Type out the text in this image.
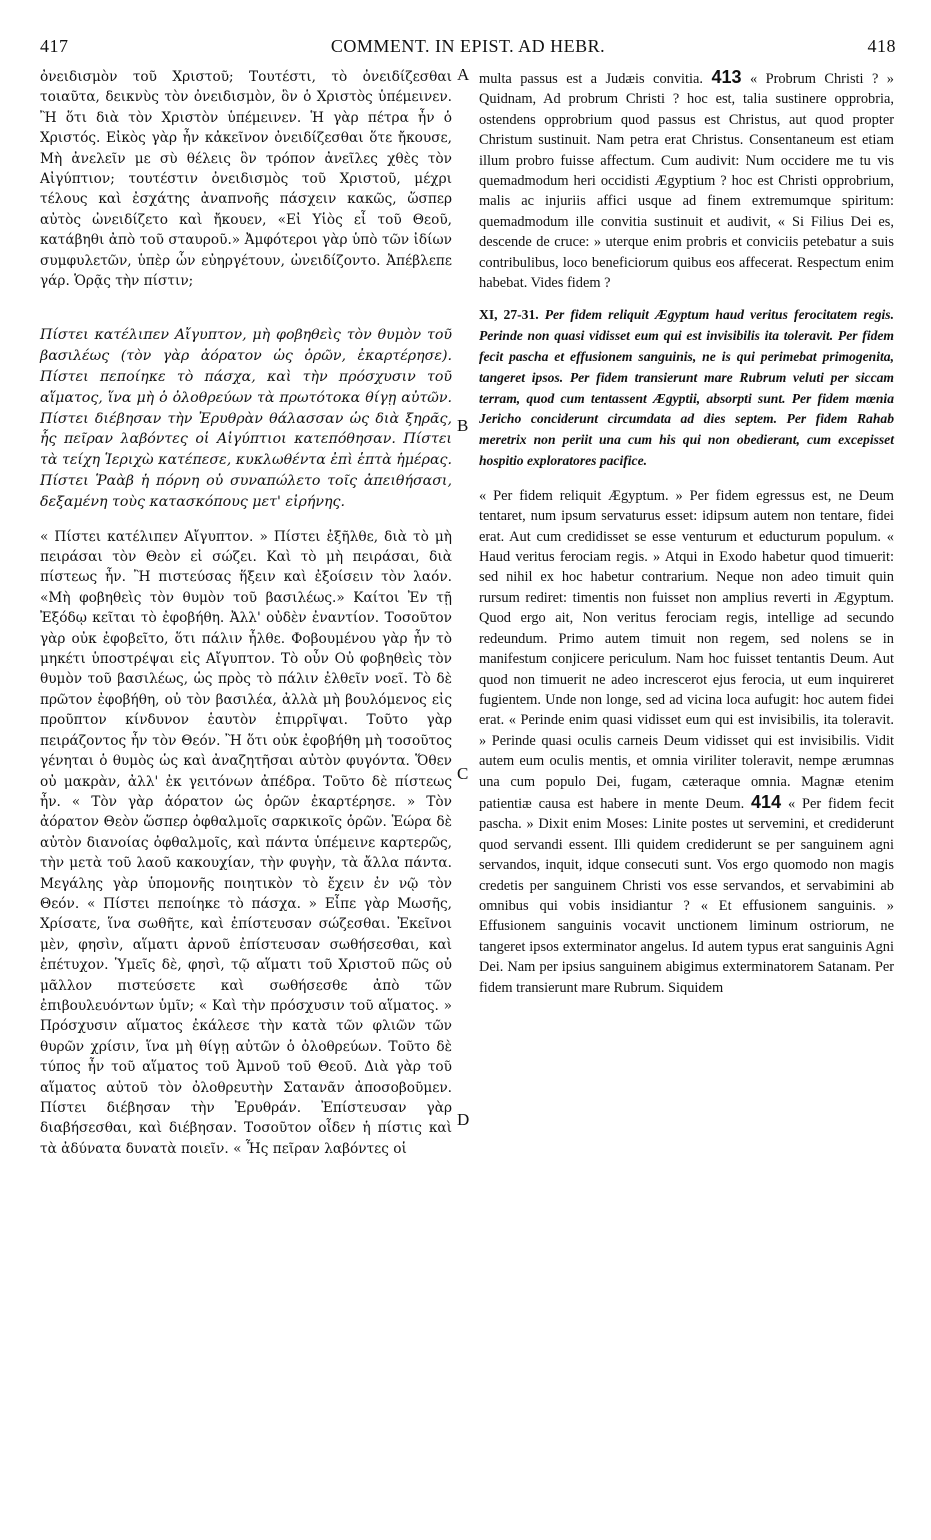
417	COMMENT. IN EPIST. AD HEBR.	418

ὀνειδισμὸν τοῦ Χριστοῦ; Τουτέστι, τὸ ὀνειδίζεσθαι τοιαῦτα, δεικνὺς τὸν ὀνειδισμὸν, ὃν ὁ Χριστὸς ὑπέμεινεν. Ἢ ὅτι διὰ τὸν Χριστὸν ὑπέμεινεν. Ἡ γὰρ πέτρα ἦν ὁ Χριστός. Εἰκὸς γὰρ ἦν κἀκεῖνον ὀνειδίζεσθαι ὅτε ἤκουσε, Μὴ ἀνελεῖν με σὺ θέλεις ὃν τρόπον ἀνεῖλες χθὲς τὸν Αἰγύπτιον; τουτέστιν ὀνειδισμὸς τοῦ Χριστοῦ, μέχρι τέλους καὶ ἐσχάτης ἀναπνοῆς πάσχειν κακῶς, ὥσπερ αὐτὸς ὠνειδίζετο καὶ ἤκουεν, «Εἰ Υἱὸς εἶ τοῦ Θεοῦ, κατάβηθι ἀπὸ τοῦ σταυροῦ.» Ἀμφότεροι γὰρ ὑπὸ τῶν ἰδίων συμφυλετῶν, ὑπὲρ ὧν εὐηργέτουν, ὠνειδίζοντο. Ἀπέβλεπε γάρ. Ὁρᾷς τὴν πίστιν;

Πίστει κατέλιπεν Αἴγυπτον, μὴ φοβηθεὶς τὸν θυμὸν τοῦ βασιλέως (τὸν γὰρ ἀόρατον ὡς ὁρῶν, ἐκαρτέρησε). Πίστει πεποίηκε τὸ πάσχα, καὶ τὴν πρόσχυσιν τοῦ αἵματος, ἵνα μὴ ὁ ὀλοθρεύων τὰ πρωτότοκα θίγῃ αὐτῶν. Πίστει διέβησαν τὴν Ἐρυθρὰν θάλασσαν ὡς διὰ ξηρᾶς, ἧς πεῖραν λαβόντες οἱ Αἰγύπτιοι κατεπόθησαν. Πίστει τὰ τείχη Ἱεριχὼ κατέπεσε, κυκλωθέντα ἐπὶ ἑπτὰ ἡμέρας. Πίστει Ῥαὰβ ἡ πόρνη οὐ συναπώλετο τοῖς ἀπειθήσασι, δεξαμένη τοὺς κατασκόπους μετ' εἰρήνης.

« Πίστει κατέλιπεν Αἴγυπτον. » Πίστει ἐξῆλθε, διὰ τὸ μὴ πειράσαι τὸν Θεὸν εἰ σώζει. Καὶ τὸ μὴ πειράσαι, διὰ πίστεως ἦν. Ἢ πιστεύσας ἥξειν καὶ ἐξοίσειν τὸν λαόν. «Μὴ φοβηθεὶς τὸν θυμὸν τοῦ βασιλέως.» Καίτοι Ἐν τῇ Ἐξόδῳ κεῖται τὸ ἐφοβήθη. Ἀλλ' οὐδὲν ἐναντίον. Τοσοῦτον γὰρ οὐκ ἐφοβεῖτο, ὅτι πάλιν ἦλθε. Φοβουμένου γὰρ ἦν τὸ μηκέτι ὑποστρέψαι εἰς Αἴγυπτον. Τὸ οὖν Οὐ φοβηθεὶς τὸν θυμὸν τοῦ βασιλέως, ὡς πρὸς τὸ πάλιν ἐλθεῖν νοεῖ. Τὸ δὲ πρῶτον ἐφοβήθη, οὐ τὸν βασιλέα, ἀλλὰ μὴ βουλόμενος εἰς προῦπτον κίνδυνον ἑαυτὸν ἐπιρρῖψαι. Τοῦτο γὰρ πειράζοντος ἦν τὸν Θεόν. Ἢ ὅτι οὐκ ἐφοβήθη μὴ τοσοῦτος γένηται ὁ θυμὸς ὡς καὶ ἀναζητῆσαι αὐτὸν φυγόντα. Ὅθεν οὐ μακρὰν, ἀλλ' ἐκ γειτόνων ἀπέδρα. Τοῦτο δὲ πίστεως ἦν. « Τὸν γὰρ ἀόρατον ὡς ὁρῶν ἐκαρτέρησε. » Τὸν ἀόρατον Θεὸν ὥσπερ ὀφθαλμοῖς σαρκικοῖς ὁρῶν. Ἑώρα δὲ αὐτὸν διανοίας ὀφθαλμοῖς, καὶ πάντα ὑπέμεινε καρτερῶς, τὴν μετὰ τοῦ λαοῦ κακουχίαν, τὴν φυγὴν, τὰ ἄλλα πάντα. Μεγάλης γὰρ ὑπομονῆς ποιητικὸν τὸ ἔχειν ἐν νῷ τὸν Θεόν. « Πίστει πεποίηκε τὸ πάσχα. » Εἶπε γὰρ Μωσῆς, Χρίσατε, ἵνα σωθῆτε, καὶ ἐπίστευσαν σώζεσθαι. Ἐκεῖνοι μὲν, φησὶν, αἵματι ἀρνοῦ ἐπίστευσαν σωθήσεσθαι, καὶ ἐπέτυχον. Ὑμεῖς δὲ, φησὶ, τῷ αἵματι τοῦ Χριστοῦ πῶς οὐ μᾶλλον πιστεύσετε καὶ σωθήσεσθε ἀπὸ τῶν ἐπιβουλευόντων ὑμῖν; « Καὶ τὴν πρόσχυσιν τοῦ αἵματος. » Πρόσχυσιν αἵματος ἐκάλεσε τὴν κατὰ τῶν φλιῶν τῶν θυρῶν χρίσιν, ἵνα μὴ θίγῃ αὐτῶν ὁ ὀλοθρεύων. Τοῦτο δὲ τύπος ἦν τοῦ αἵματος τοῦ Ἀμνοῦ τοῦ Θεοῦ. Διὰ γὰρ τοῦ αἵματος αὐτοῦ τὸν ὀλοθρευτὴν Σατανᾶν ἀποσοβοῦμεν. Πίστει διέβησαν τὴν Ἐρυθράν. Ἐπίστευσαν γὰρ διαβήσεσθαι, καὶ διέβησαν. Τοσοῦτον οἶδεν ἡ πίστις καὶ τὰ ἀδύνατα δυνατὰ ποιεῖν. « Ἧς πεῖραν λαβόντες οἱ

A
B
C
D

multa passus est a Judæis convitia. 413 « Probrum Christi ? » Quidnam, Ad probrum Christi ? hoc est, talia sustinere opprobria, ostendens opprobrium quod passus est Christus, aut quod propter Christum sustinuit. Nam petra erat Christus. Consentaneum est etiam illum probro fuisse affectum. Cum audivit: Num occidere me tu vis quemadmodum heri occidisti Ægyptium ? hoc est Christi opprobrium, malis ac injuriis affici usque ad finem extremumque spiritum: quemadmodum ille convitia sustinuit et audivit, « Si Filius Dei es, descende de cruce: » uterque enim probris et conviciis petebatur a suis contribulibus, loco beneficiorum quibus eos affecerat. Respectum enim habebat. Vides fidem ?

XI, 27-31. Per fidem reliquit Ægyptum haud veritus ferocitatem regis. Perinde non quasi vidisset eum qui est invisibilis ita toleravit. Per fidem fecit pascha et effusionem sanguinis, ne is qui perimebat primogenita, tangeret ipsos. Per fidem transierunt mare Rubrum veluti per siccam terram, quod cum tentassent Ægyptii, absorpti sunt. Per fidem mœnia Jericho conciderunt circumdata ad dies septem. Per fidem Rahab meretrix non periit una cum his qui non obedierant, cum excepisset hospitio exploratores pacifice.

« Per fidem reliquit Ægyptum. » Per fidem egressus est, ne Deum tentaret, num ipsum servaturus esset: idipsum autem non tentare, fidei erat. Aut cum credidisset se esse venturum et educturum populum. « Haud veritus ferociam regis. » Atqui in Exodo habetur quod timuerit: sed nihil ex hoc habetur contrarium. Neque non adeo timuit quin rursum rediret: timentis non fuisset non amplius reverti in Ægyptum. Quod ergo ait, Non veritus ferociam regis, intellige ad secundo redeundum. Primo autem timuit non regem, sed nolens se in manifestum conjicere periculum. Nam hoc fuisset tentantis Deum. Aut quod non timuerit ne adeo increscerot ejus ferocia, ut eum inquireret fugientem. Unde non longe, sed ad vicina loca aufugit: hoc autem fidei erat. « Perinde enim quasi vidisset eum qui est invisibilis, ita toleravit. » Perinde quasi oculis carneis Deum vidisset qui est invisibilis. Vidit autem eum oculis mentis, et omnia viriliter toleravit, nempe ærumnas una cum populo Dei, fugam, cæteraque omnia. Magnæ etenim patientiæ causa est habere in mente Deum. 414 « Per fidem fecit pascha. » Dixit enim Moses: Linite postes ut servemini, et crediderunt quod servandi essent. Illi quidem crediderunt se per sanguinem agni servandos, inquit, idque consecuti sunt. Vos ergo quomodo non magis credetis per sanguinem Christi vos esse servandos, et servabimini ab omnibus qui vobis insidiantur ? « Et effusionem sanguinis. » Effusionem sanguinis vocavit unctionem liminum ostriorum, ne tangeret ipsos exterminator angelus. Id autem typus erat sanguinis Agni Dei. Nam per ipsius sanguinem abigimus exterminatorem Satanam. Per fidem transierunt mare Rubrum. Siquidem
